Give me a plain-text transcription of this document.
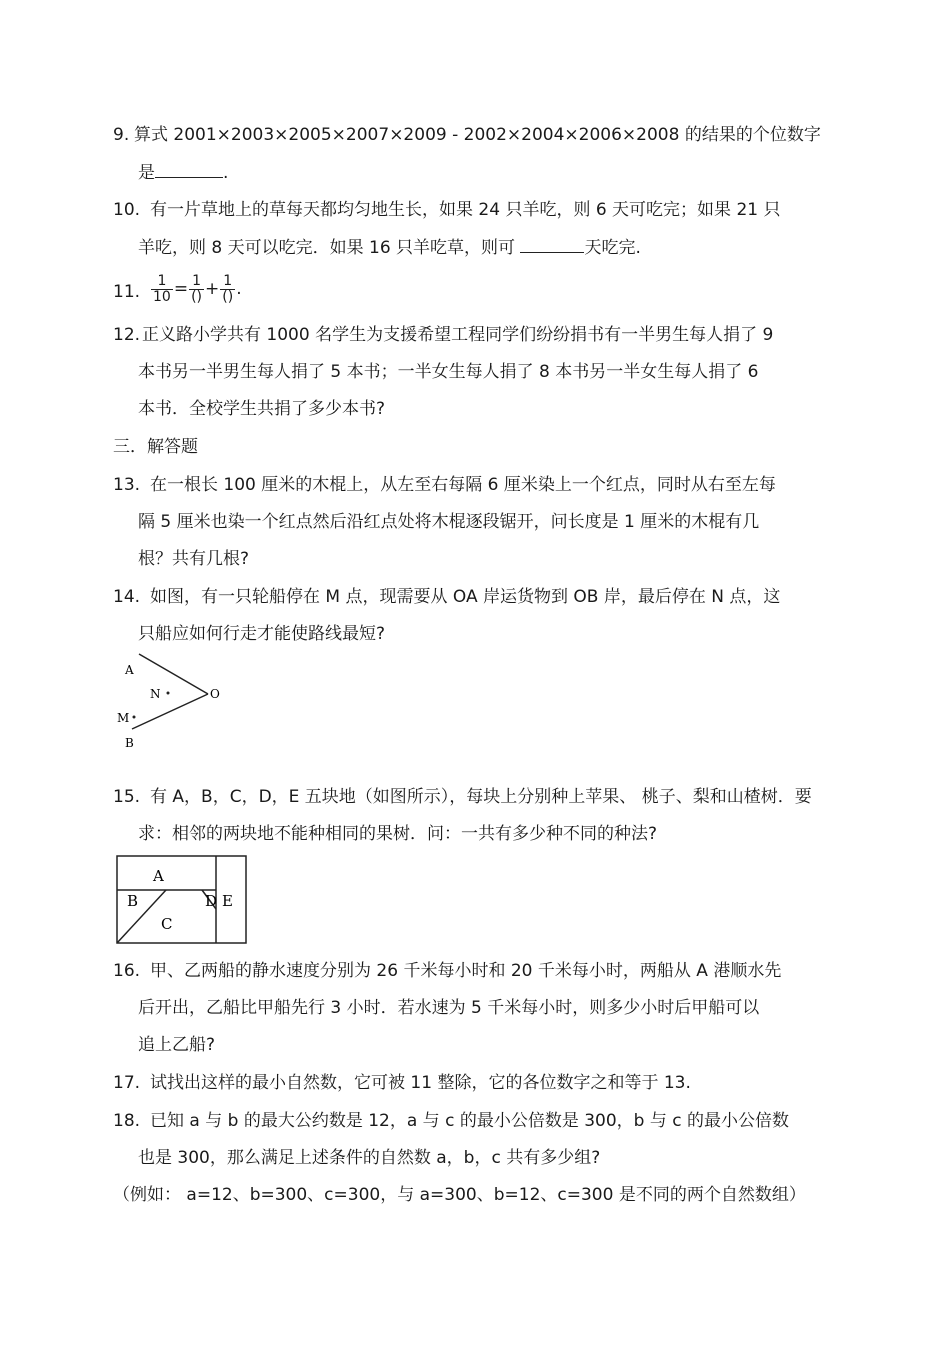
9. 算式 2001×2003×2005×2007×2009 - 2002×2004×2006×2008 的结果的个位数字
是	.
10. 有一片草地上的草每天都均匀地生长，如果 24 只羊吃，则 6 天可吃完；如果 21 只
羊吃，则 8 天可以吃完．如果 16 只羊吃草，则可	天吃完.
11. $\frac{1}{10} = \frac{1}{()} + \frac{1}{()}$ .
12. 正义路小学共有 1000 名学生为支援希望工程同学们纷纷捐书有一半男生每人捐了 9
本书另一半男生每人捐了 5 本书；一半女生每人捐了 8 本书另一半女生每人捐了 6
本书．全校学生共捐了多少本书?
三．解答题
13. 在一根长 100 厘米的木棍上，从左至右每隔 6 厘米染上一个红点，同时从右至左每
隔 5 厘米也染一个红点然后沿红点处将木棍逐段锯开，问长度是 1 厘米的木棍有几
根？共有几根?
14. 如图，有一只轮船停在 M 点，现需要从 OA 岸运货物到 OB 岸，最后停在 N 点，这
只船应如何行走才能使路线最短?
A
N	O
M
B
15. 有 A，B，C，D，E 五块地（如图所示），每块上分别种上苹果、 桃子、梨和山楂树．要
求：相邻的两块地不能种相同的果树．问：一共有多少种不同的种法?
A
B
C
D E
16. 甲、乙两船的静水速度分别为 26 千米每小时和 20 千米每小时，两船从 A 港顺水先
后开出，乙船比甲船先行 3 小时．若水速为 5 千米每小时，则多少小时后甲船可以
追上乙船?
17. 试找出这样的最小自然数，它可被 11 整除，它的各位数字之和等于 13.
18. 已知 a 与 b 的最大公约数是 12，a 与 c 的最小公倍数是 300，b 与 c 的最小公倍数
也是 300，那么满足上述条件的自然数 a，b，c 共有多少组?
（例如： a=12、b=300、c=300，与 a=300、b=12、c=300 是不同的两个自然数组）
